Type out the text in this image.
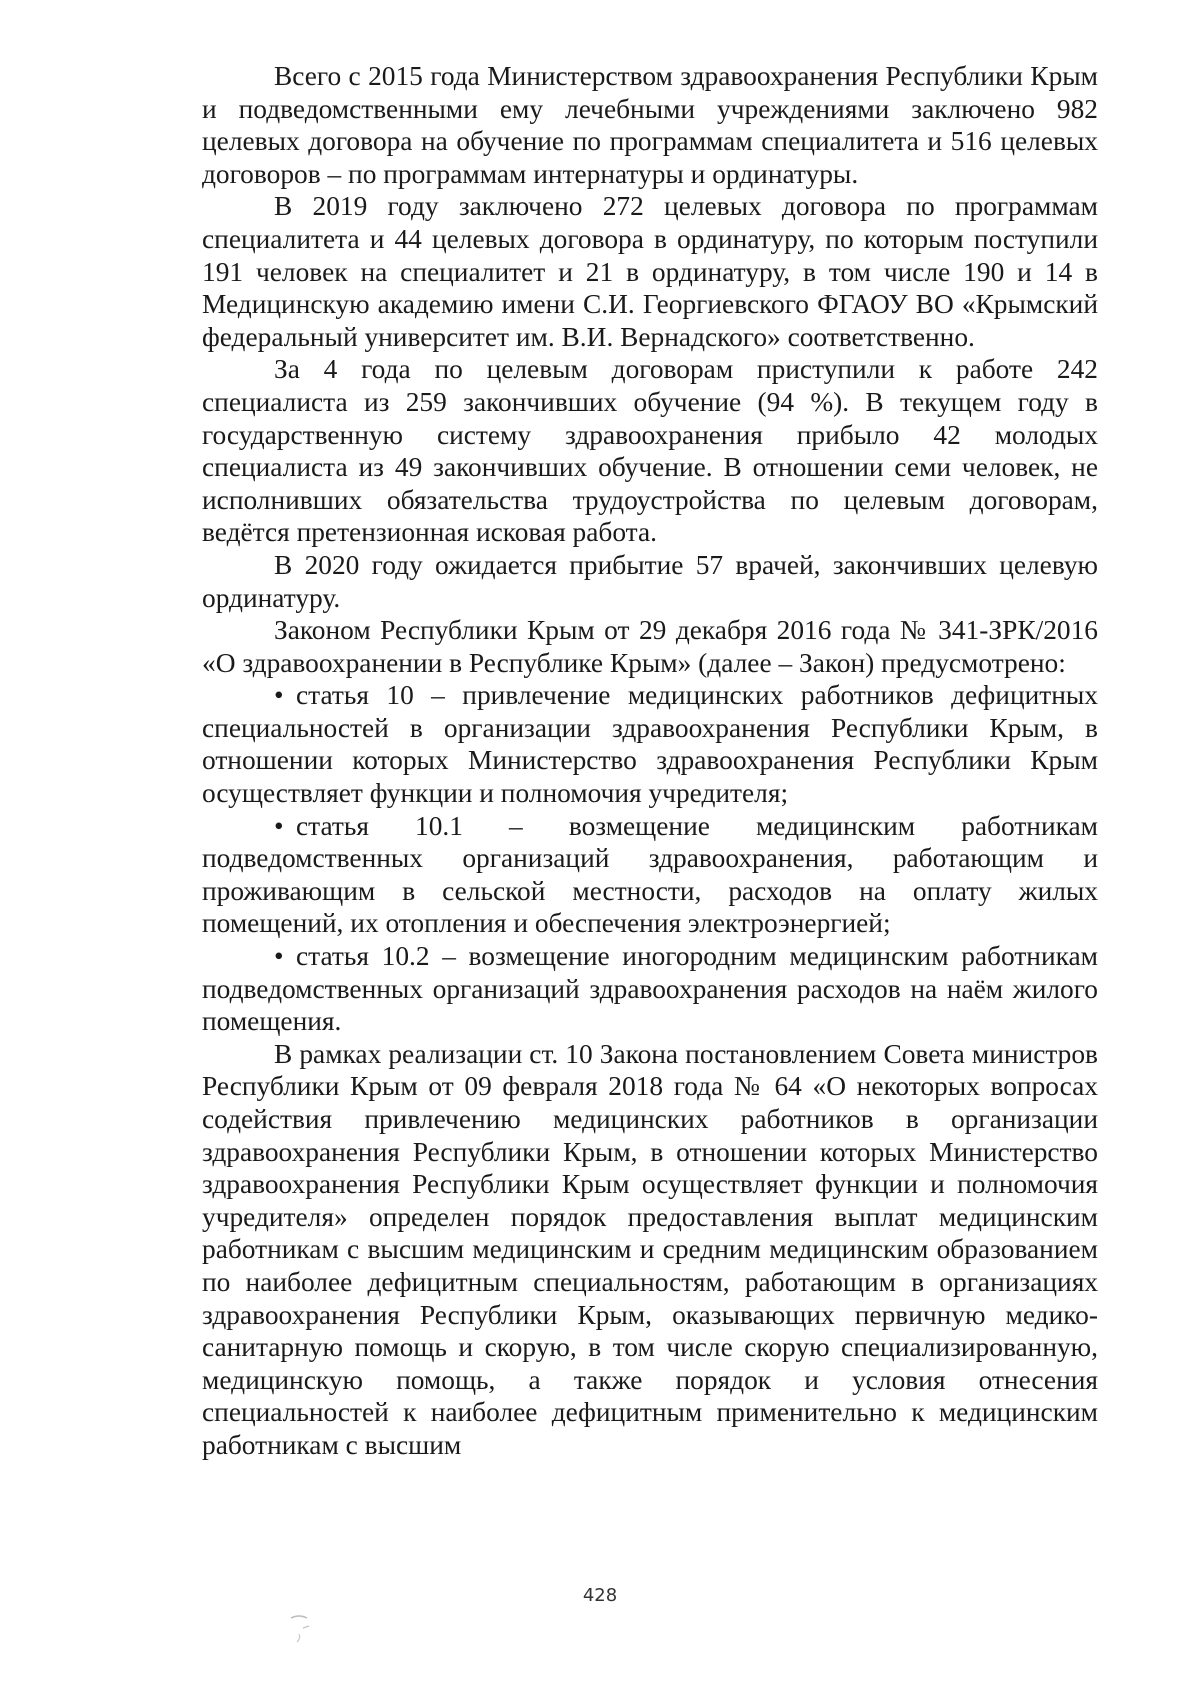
Всего с 2015 года Министерством здравоохранения Республики Крым и подведомственными ему лечебными учреждениями заключено 982 целевых договора на обучение по программам специалитета и 516 целевых договоров – по программам интернатуры и ординатуры.

В 2019 году заключено 272 целевых договора по программам специалитета и 44 целевых договора в ординатуру, по которым поступили 191 человек на специалитет и 21 в ординатуру, в том числе 190 и 14 в Медицинскую академию имени С.И. Георгиевского ФГАОУ ВО «Крымский федеральный университет им. В.И. Вернадского» соответственно.

За 4 года по целевым договорам приступили к работе 242 специалиста из 259 закончивших обучение (94 %). В текущем году в государственную систему здравоохранения прибыло 42 молодых специалиста из 49 закончивших обучение. В отношении семи человек, не исполнивших обязательства трудоустройства по целевым договорам, ведётся претензионная исковая работа.

В 2020 году ожидается прибытие 57 врачей, закончивших целевую ординатуру.

Законом Республики Крым от 29 декабря 2016 года № 341-ЗРК/2016 «О здравоохранении в Республике Крым» (далее – Закон) предусмотрено:

• статья 10 – привлечение медицинских работников дефицитных специальностей в организации здравоохранения Республики Крым, в отношении которых Министерство здравоохранения Республики Крым осуществляет функции и полномочия учредителя;

• статья 10.1 – возмещение медицинским работникам подведомственных организаций здравоохранения, работающим и проживающим в сельской местности, расходов на оплату жилых помещений, их отопления и обеспечения электроэнергией;

• статья 10.2 – возмещение иногородним медицинским работникам подведомственных организаций здравоохранения расходов на наём жилого помещения.

В рамках реализации ст. 10 Закона постановлением Совета министров Республики Крым от 09 февраля 2018 года № 64 «О некоторых вопросах содействия привлечению медицинских работников в организации здравоохранения Республики Крым, в отношении которых Министерство здравоохранения Республики Крым осуществляет функции и полномочия учредителя» определен порядок предоставления выплат медицинским работникам с высшим медицинским и средним медицинским образованием по наиболее дефицитным специальностям, работающим в организациях здравоохранения Республики Крым, оказывающих первичную медико-санитарную помощь и скорую, в том числе скорую специализированную, медицинскую помощь, а также порядок и условия отнесения специальностей к наиболее дефицитным применительно к медицинским работникам с высшим

428
